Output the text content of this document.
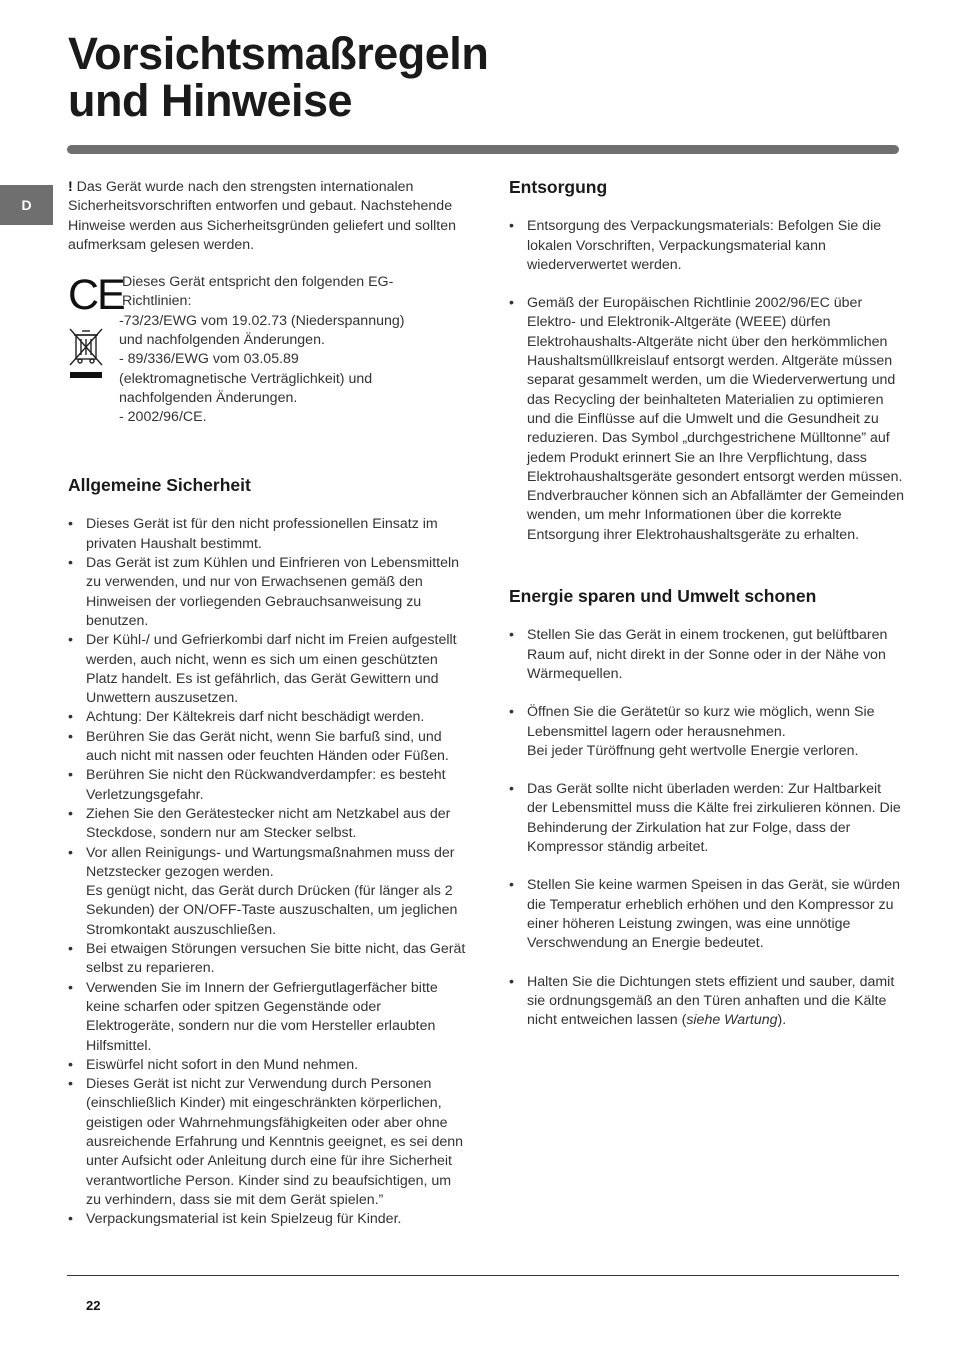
Vorsichtsmaßregeln
und Hinweise
D

! Das Gerät wurde nach den strengsten internationalen Sicherheitsvorschriften entworfen und gebaut. Nachstehende Hinweise werden aus Sicherheitsgründen geliefert und sollten aufmerksam gelesen werden.

CE

Dieses Gerät entspricht den folgenden EG-
Richtlinien:
-73/23/EWG vom 19.02.73 (Niederspannung)
und nachfolgenden Änderungen.
- 89/336/EWG vom 03.05.89
(elektromagnetische Verträglichkeit) und
nachfolgenden Änderungen.
- 2002/96/CE.

Allgemeine Sicherheit
• Dieses Gerät ist für den nicht professionellen Einsatz im privaten Haushalt bestimmt.
• Das Gerät ist zum Kühlen und Einfrieren von Lebensmitteln zu verwenden, und nur von Erwachsenen gemäß den Hinweisen der vorliegenden Gebrauchsanweisung zu benutzen.
• Der Kühl-/ und Gefrierkombi darf nicht im Freien aufgestellt werden, auch nicht, wenn es sich um einen geschützten Platz handelt. Es ist gefährlich, das Gerät Gewittern und Unwettern auszusetzen.
• Achtung: Der Kältekreis darf nicht beschädigt werden.
• Berühren Sie das Gerät nicht, wenn Sie barfuß sind, und auch nicht mit nassen oder feuchten Händen oder Füßen.
• Berühren Sie nicht den Rückwandverdampfer: es besteht Verletzungsgefahr.
• Ziehen Sie den Gerätestecker nicht am Netzkabel aus der Steckdose, sondern nur am Stecker selbst.
• Vor allen Reinigungs- und Wartungsmaßnahmen muss der Netzstecker gezogen werden.
Es genügt nicht, das Gerät durch Drücken (für länger als 2 Sekunden) der ON/OFF-Taste auszuschalten, um jeglichen Stromkontakt auszuschließen.
• Bei etwaigen Störungen versuchen Sie bitte nicht, das Gerät selbst zu reparieren.
• Verwenden Sie im Innern der Gefriergutlagerfächer bitte keine scharfen oder spitzen Gegenstände oder Elektrogeräte, sondern nur die vom Hersteller erlaubten Hilfsmittel.
• Eiswürfel nicht sofort in den Mund nehmen.
• Dieses Gerät ist nicht zur Verwendung durch Personen (einschließlich Kinder) mit eingeschränkten körperlichen, geistigen oder Wahrnehmungsfähigkeiten oder aber ohne ausreichende Erfahrung und Kenntnis geeignet, es sei denn unter Aufsicht oder Anleitung durch eine für ihre Sicherheit verantwortliche Person. Kinder sind zu beaufsichtigen, um zu verhindern, dass sie mit dem Gerät spielen.”
• Verpackungsmaterial ist kein Spielzeug für Kinder.
Entsorgung
• Entsorgung des Verpackungsmaterials: Befolgen Sie die lokalen Vorschriften, Verpackungsmaterial kann wiederverwertet werden.
• Gemäß der Europäischen Richtlinie 2002/96/EC über Elektro- und Elektronik-Altgeräte (WEEE) dürfen Elektrohaushalts-Altgeräte nicht über den herkömmlichen Haushaltsmüllkreislauf entsorgt werden. Altgeräte müssen separat gesammelt werden, um die Wiederverwertung und das Recycling der beinhalteten Materialien zu optimieren und die Einflüsse auf die Umwelt und die Gesundheit zu reduzieren. Das Symbol „durchgestrichene Mülltonne” auf jedem Produkt erinnert Sie an Ihre Verpflichtung, dass Elektrohaushaltsgeräte gesondert entsorgt werden müssen.
Endverbraucher können sich an Abfallämter der Gemeinden wenden, um mehr Informationen über die korrekte Entsorgung ihrer Elektrohaushaltsgeräte zu erhalten.
Energie sparen und Umwelt schonen
• Stellen Sie das Gerät in einem trockenen, gut belüftbaren Raum auf, nicht direkt in der Sonne oder in der Nähe von Wärmequellen.
• Öffnen Sie die Gerätetür so kurz wie möglich, wenn Sie Lebensmittel lagern oder herausnehmen.
Bei jeder Türöffnung geht wertvolle Energie verloren.
• Das Gerät sollte nicht überladen werden: Zur Haltbarkeit der Lebensmittel muss die Kälte frei zirkulieren können. Die Behinderung der Zirkulation hat zur Folge, dass der Kompressor ständig arbeitet.
• Stellen Sie keine warmen Speisen in das Gerät, sie würden die Temperatur erheblich erhöhen und den Kompressor zu einer höheren Leistung zwingen, was eine unnötige Verschwendung an Energie bedeutet.
• Halten Sie die Dichtungen stets effizient und sauber, damit sie ordnungsgemäß an den Türen anhaften und die Kälte nicht entweichen lassen (siehe Wartung).
22
